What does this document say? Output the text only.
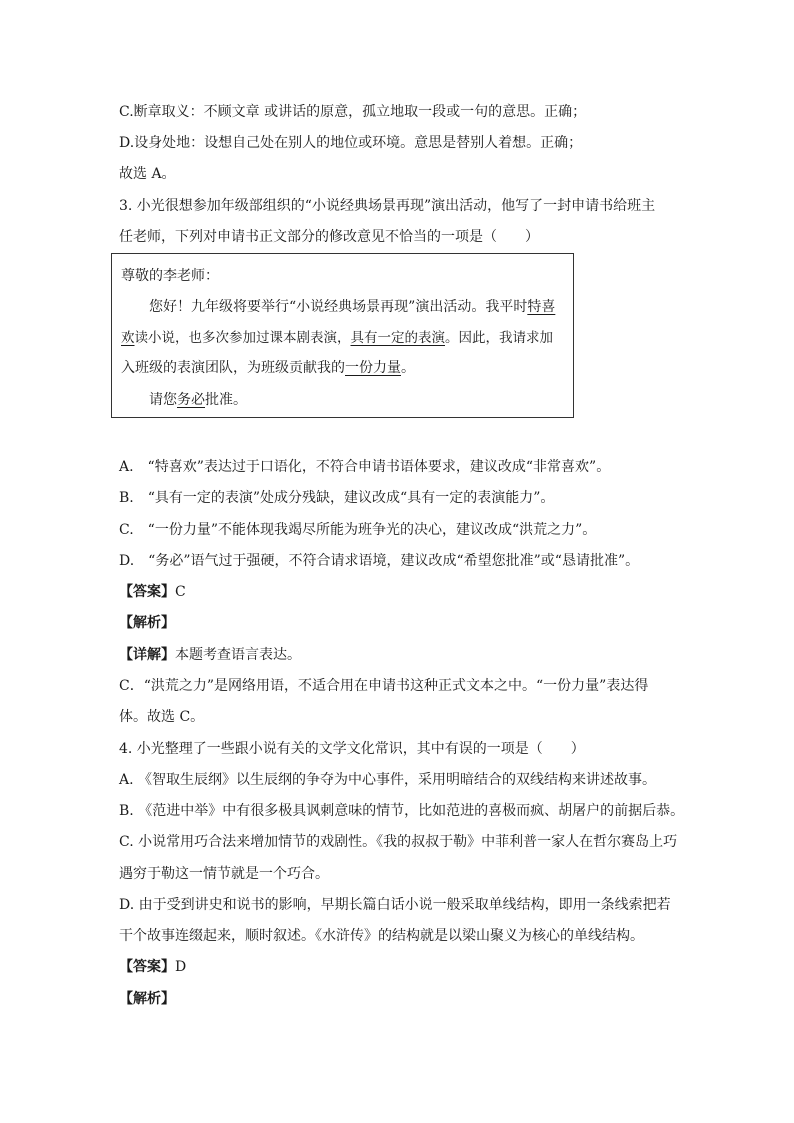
C.断章取义：不顾文章 或讲话的原意，孤立地取一段或一句的意思。正确；
D.设身处地：设想自己处在别人的地位或环境。意思是替别人着想。正确；
故选 A。
3. 小光很想参加年级部组织的“小说经典场景再现”演出活动，他写了一封申请书给班主
任老师，下列对申请书正文部分的修改意见不恰当的一项是（　　）
尊敬的李老师：
您好！九年级将要举行“小说经典场景再现”演出活动。我平时特喜
欢读小说，也多次参加过课本剧表演，具有一定的表演。因此，我请求加
入班级的表演团队，为班级贡献我的一份力量。
请您务必批准。
A.　“特喜欢”表达过于口语化，不符合申请书语体要求，建议改成“非常喜欢”。
B.　“具有一定的表演”处成分残缺，建议改成“具有一定的表演能力”。
C.　“一份力量”不能体现我竭尽所能为班争光的决心，建议改成“洪荒之力”。
D.　“务必”语气过于强硬，不符合请求语境，建议改成“希望您批准”或“恳请批准”。
【答案】C
【解析】
【详解】本题考查语言表达。
C．“洪荒之力”是网络用语，不适合用在申请书这种正式文本之中。“一份力量”表达得
体。故选 C。
4. 小光整理了一些跟小说有关的文学文化常识，其中有误的一项是（　　）
A. 《智取生辰纲》以生辰纲的争夺为中心事件，采用明暗结合的双线结构来讲述故事。
B. 《范进中举》中有很多极具讽刺意味的情节，比如范进的喜极而疯、胡屠户的前据后恭。
C. 小说常用巧合法来增加情节的戏剧性。《我的叔叔于勒》中菲利普一家人在哲尔赛岛上巧
遇穷于勒这一情节就是一个巧合。
D. 由于受到讲史和说书的影响，早期长篇白话小说一般采取单线结构，即用一条线索把若
干个故事连缀起来，顺时叙述。《水浒传》的结构就是以梁山聚义为核心的单线结构。
【答案】D
【解析】
